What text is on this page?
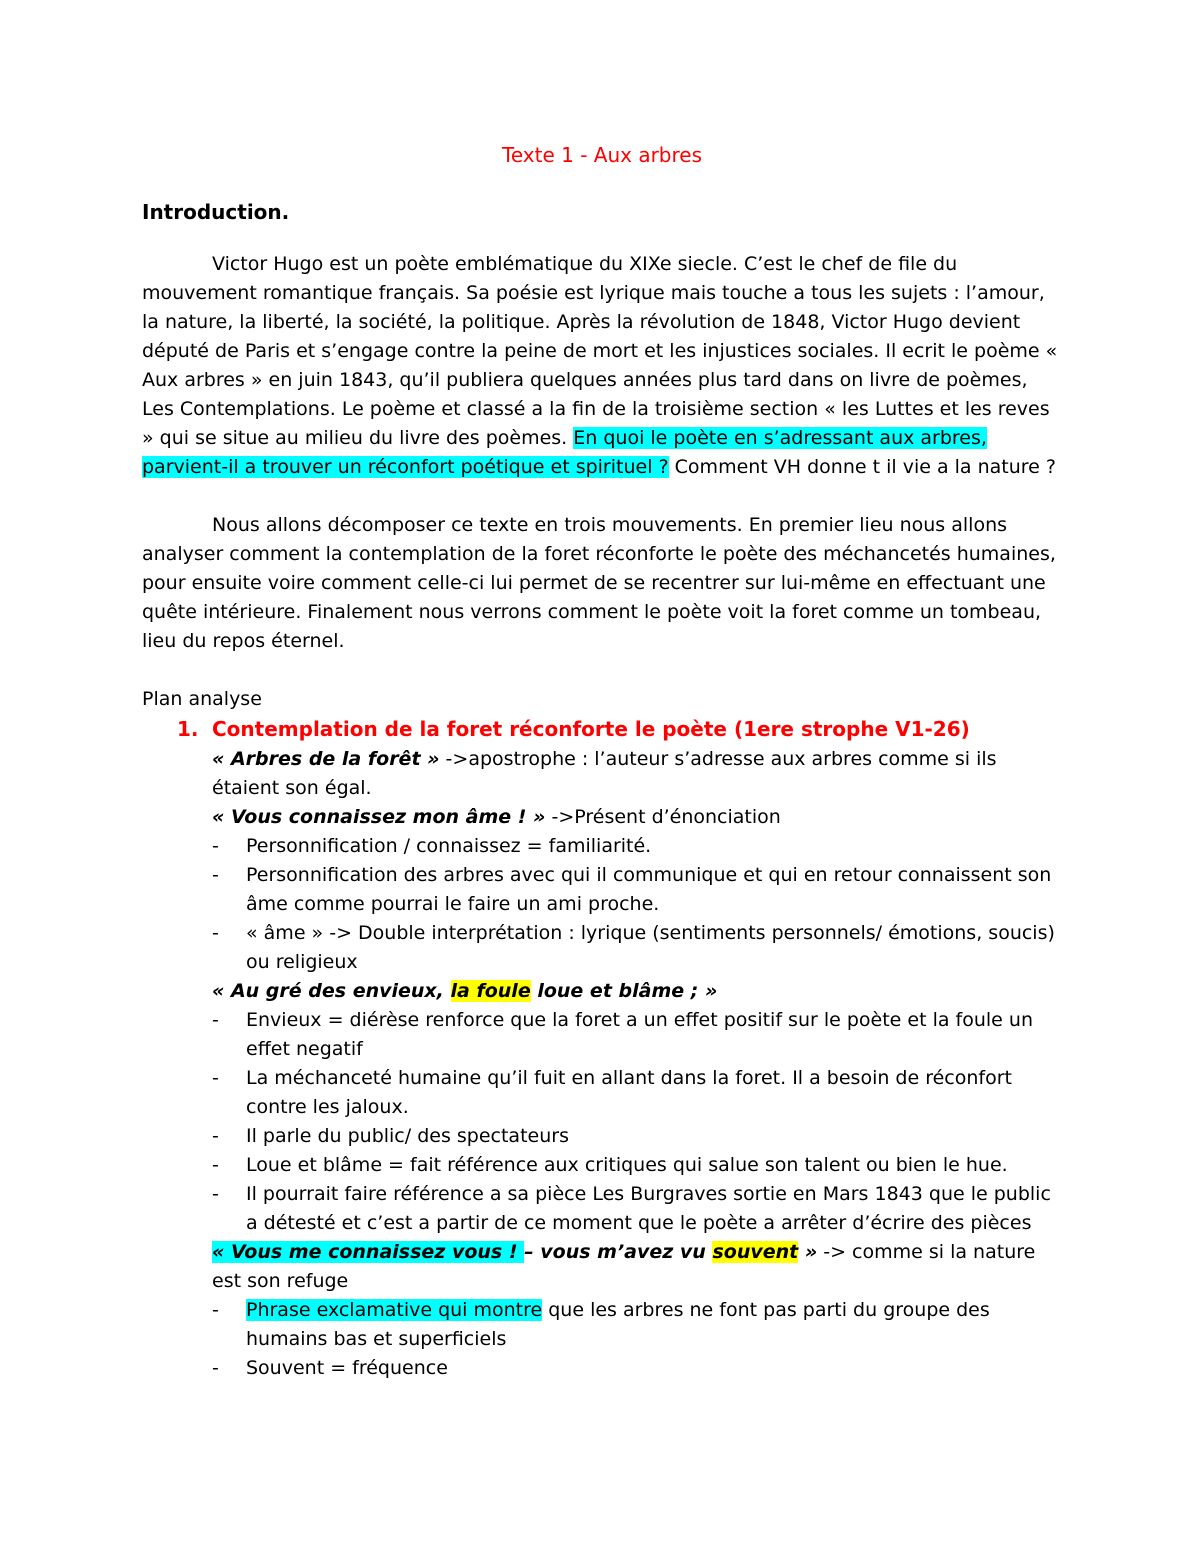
Texte 1 - Aux arbres
Introduction.

Victor Hugo est un poète emblématique du XIXe siecle. C’est le chef de file du mouvement romantique français. Sa poésie est lyrique mais touche a tous les sujets : l’amour, la nature, la liberté, la société, la politique. Après la révolution de 1848, Victor Hugo devient député de Paris et s’engage contre la peine de mort et les injustices sociales. Il ecrit le poème « Aux arbres » en juin 1843, qu’il publiera quelques années plus tard dans on livre de poèmes, Les Contemplations. Le poème et classé a la fin de la troisième section « les Luttes et les reves » qui se situe au milieu du livre des poèmes. En quoi le poète en s’adressant aux arbres, parvient-il a trouver un réconfort poétique et spirituel ? Comment VH donne t il vie a la nature ?

Nous allons décomposer ce texte en trois mouvements. En premier lieu nous allons analyser comment la contemplation de la foret réconforte le poète des méchancetés humaines, pour ensuite voire comment celle-ci lui permet de se recentrer sur lui-même en effectuant une quête intérieure. Finalement nous verrons comment le poète voit la foret comme un tombeau, lieu du repos éternel.

Plan analyse

1. Contemplation de la foret réconforte le poète (1ere strophe V1-26)

« Arbres de la forêt » ->apostrophe : l’auteur s’adresse aux arbres comme si ils étaient son égal.

« Vous connaissez mon âme ! » ->Présent d’énonciation

- Personnification / connaissez = familiarité.

- Personnification des arbres avec qui il communique et qui en retour connaissent son âme comme pourrai le faire un ami proche.

- « âme » -> Double interprétation : lyrique (sentiments personnels/ émotions, soucis) ou religieux

« Au gré des envieux, la foule loue et blâme ; »

- Envieux = diérèse renforce que la foret a un effet positif sur le poète et la foule un effet negatif

- La méchanceté humaine qu’il fuit en allant dans la foret. Il a besoin de réconfort contre les jaloux.

- Il parle du public/ des spectateurs

- Loue et blâme = fait référence aux critiques qui salue son talent ou bien le hue.

- Il pourrait faire référence a sa pièce Les Burgraves sortie en Mars 1843 que le public a détesté et c’est a partir de ce moment que le poète a arrêter d’écrire des pièces

« Vous me connaissez vous ! – vous m’avez vu souvent » -> comme si la nature est son refuge

- Phrase exclamative qui montre que les arbres ne font pas parti du groupe des humains bas et superficiels

- Souvent = fréquence
